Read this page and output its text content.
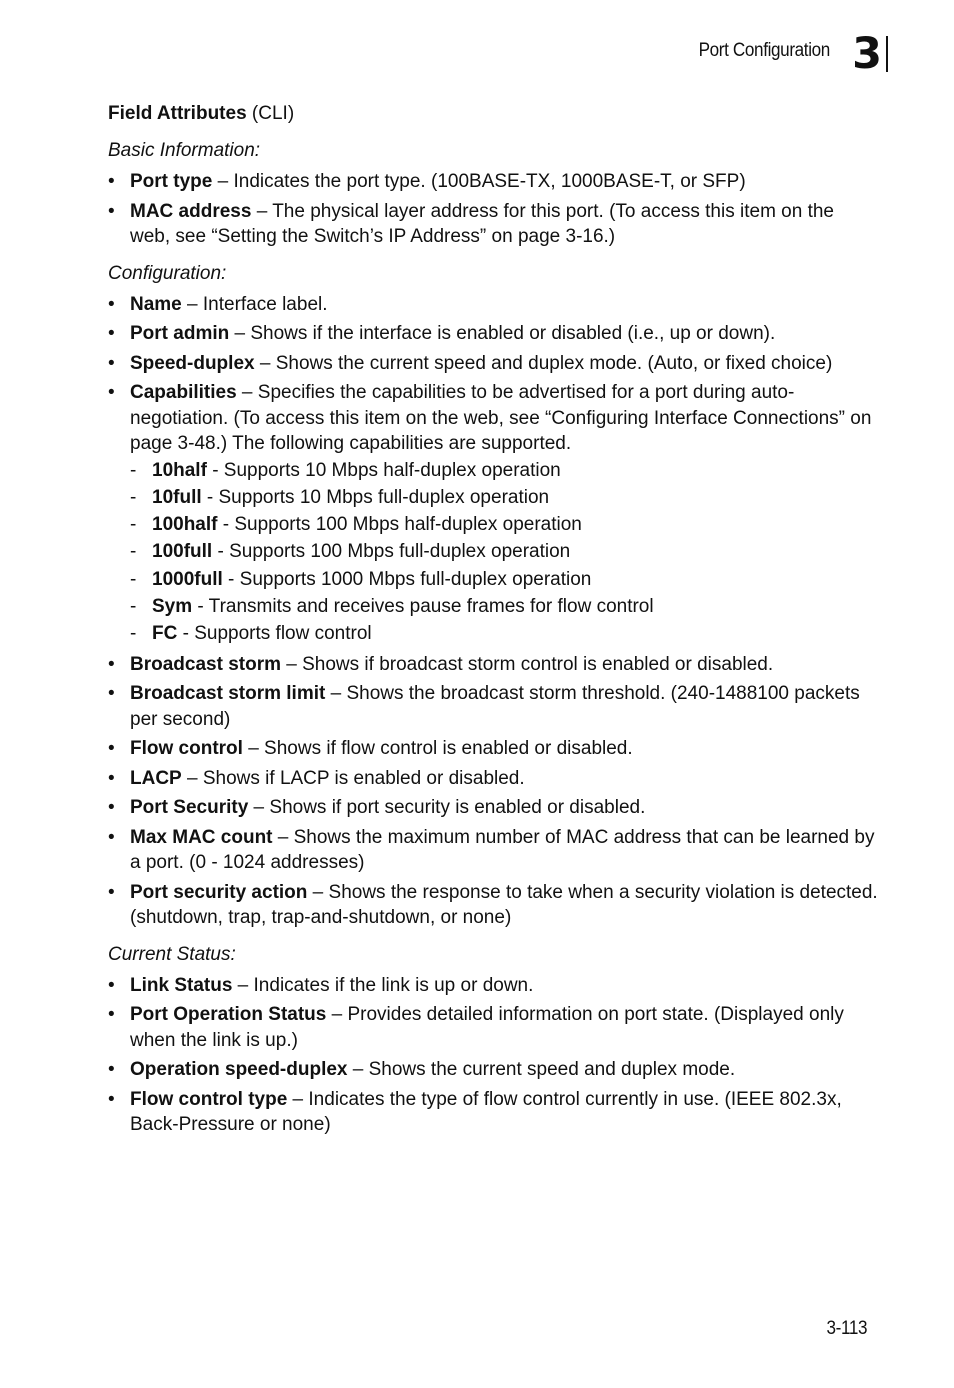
Port Configuration 3
Field Attributes (CLI)
Basic Information:
• Port type – Indicates the port type. (100BASE-TX, 1000BASE-T, or SFP)
• MAC address – The physical layer address for this port. (To access this item on the web, see “Setting the Switch’s IP Address” on page 3-16.)
Configuration:
• Name – Interface label.
• Port admin – Shows if the interface is enabled or disabled (i.e., up or down).
• Speed-duplex – Shows the current speed and duplex mode. (Auto, or fixed choice)
• Capabilities – Specifies the capabilities to be advertised for a port during auto-negotiation. (To access this item on the web, see “Configuring Interface Connections” on page 3-48.) The following capabilities are supported.
- 10half - Supports 10 Mbps half-duplex operation
- 10full - Supports 10 Mbps full-duplex operation
- 100half - Supports 100 Mbps half-duplex operation
- 100full - Supports 100 Mbps full-duplex operation
- 1000full - Supports 1000 Mbps full-duplex operation
- Sym - Transmits and receives pause frames for flow control
- FC - Supports flow control
• Broadcast storm – Shows if broadcast storm control is enabled or disabled.
• Broadcast storm limit – Shows the broadcast storm threshold. (240-1488100 packets per second)
• Flow control – Shows if flow control is enabled or disabled.
• LACP – Shows if LACP is enabled or disabled.
• Port Security – Shows if port security is enabled or disabled.
• Max MAC count – Shows the maximum number of MAC address that can be learned by a port. (0 - 1024 addresses)
• Port security action – Shows the response to take when a security violation is detected. (shutdown, trap, trap-and-shutdown, or none)
Current Status:
• Link Status – Indicates if the link is up or down.
• Port Operation Status – Provides detailed information on port state. (Displayed only when the link is up.)
• Operation speed-duplex – Shows the current speed and duplex mode.
• Flow control type – Indicates the type of flow control currently in use. (IEEE 802.3x, Back-Pressure or none)
3-113
